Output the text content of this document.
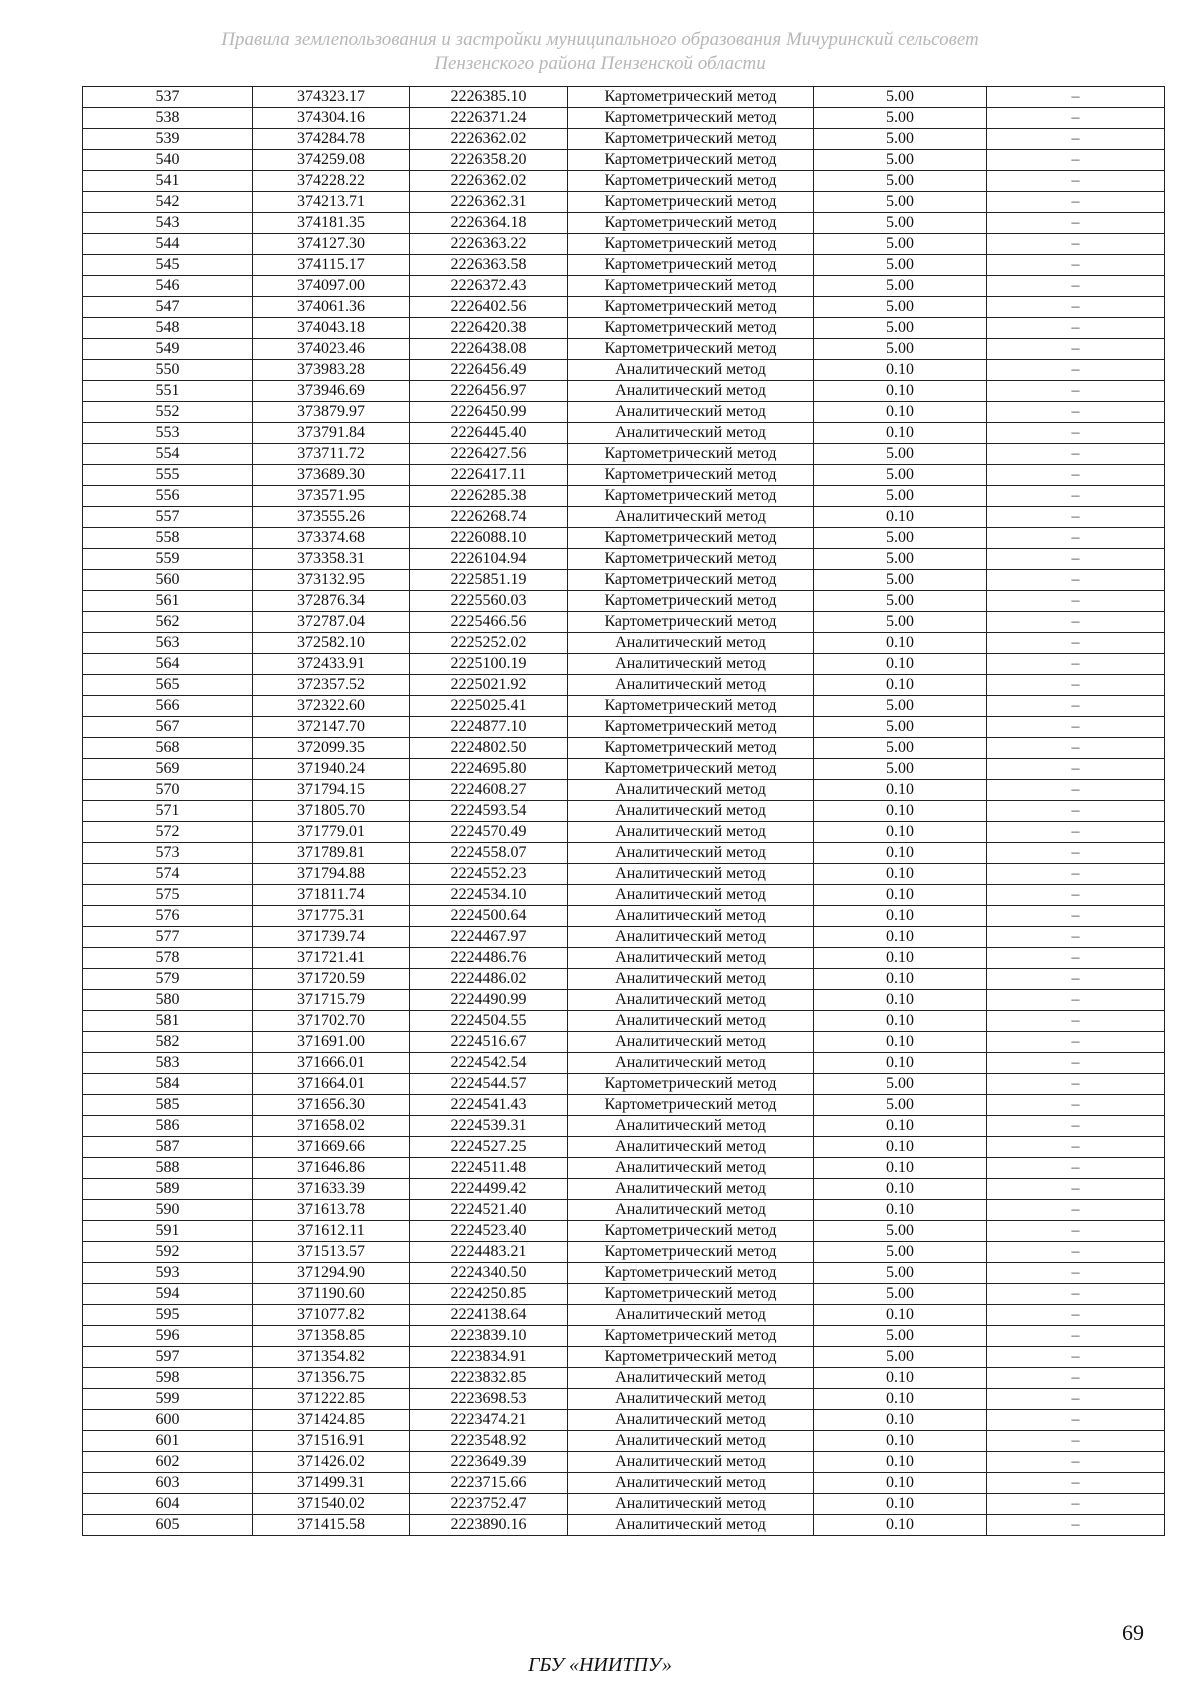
Правила землепользования и застройки муниципального образования Мичуринский сельсовет
Пензенского района Пензенской области
537	374323.17	2226385.10	Картометрический метод	5.00	–
538	374304.16	2226371.24	Картометрический метод	5.00	–
539	374284.78	2226362.02	Картометрический метод	5.00	–
540	374259.08	2226358.20	Картометрический метод	5.00	–
541	374228.22	2226362.02	Картометрический метод	5.00	–
542	374213.71	2226362.31	Картометрический метод	5.00	–
543	374181.35	2226364.18	Картометрический метод	5.00	–
544	374127.30	2226363.22	Картометрический метод	5.00	–
545	374115.17	2226363.58	Картометрический метод	5.00	–
546	374097.00	2226372.43	Картометрический метод	5.00	–
547	374061.36	2226402.56	Картометрический метод	5.00	–
548	374043.18	2226420.38	Картометрический метод	5.00	–
549	374023.46	2226438.08	Картометрический метод	5.00	–
550	373983.28	2226456.49	Аналитический метод	0.10	–
551	373946.69	2226456.97	Аналитический метод	0.10	–
552	373879.97	2226450.99	Аналитический метод	0.10	–
553	373791.84	2226445.40	Аналитический метод	0.10	–
554	373711.72	2226427.56	Картометрический метод	5.00	–
555	373689.30	2226417.11	Картометрический метод	5.00	–
556	373571.95	2226285.38	Картометрический метод	5.00	–
557	373555.26	2226268.74	Аналитический метод	0.10	–
558	373374.68	2226088.10	Картометрический метод	5.00	–
559	373358.31	2226104.94	Картометрический метод	5.00	–
560	373132.95	2225851.19	Картометрический метод	5.00	–
561	372876.34	2225560.03	Картометрический метод	5.00	–
562	372787.04	2225466.56	Картометрический метод	5.00	–
563	372582.10	2225252.02	Аналитический метод	0.10	–
564	372433.91	2225100.19	Аналитический метод	0.10	–
565	372357.52	2225021.92	Аналитический метод	0.10	–
566	372322.60	2225025.41	Картометрический метод	5.00	–
567	372147.70	2224877.10	Картометрический метод	5.00	–
568	372099.35	2224802.50	Картометрический метод	5.00	–
569	371940.24	2224695.80	Картометрический метод	5.00	–
570	371794.15	2224608.27	Аналитический метод	0.10	–
571	371805.70	2224593.54	Аналитический метод	0.10	–
572	371779.01	2224570.49	Аналитический метод	0.10	–
573	371789.81	2224558.07	Аналитический метод	0.10	–
574	371794.88	2224552.23	Аналитический метод	0.10	–
575	371811.74	2224534.10	Аналитический метод	0.10	–
576	371775.31	2224500.64	Аналитический метод	0.10	–
577	371739.74	2224467.97	Аналитический метод	0.10	–
578	371721.41	2224486.76	Аналитический метод	0.10	–
579	371720.59	2224486.02	Аналитический метод	0.10	–
580	371715.79	2224490.99	Аналитический метод	0.10	–
581	371702.70	2224504.55	Аналитический метод	0.10	–
582	371691.00	2224516.67	Аналитический метод	0.10	–
583	371666.01	2224542.54	Аналитический метод	0.10	–
584	371664.01	2224544.57	Картометрический метод	5.00	–
585	371656.30	2224541.43	Картометрический метод	5.00	–
586	371658.02	2224539.31	Аналитический метод	0.10	–
587	371669.66	2224527.25	Аналитический метод	0.10	–
588	371646.86	2224511.48	Аналитический метод	0.10	–
589	371633.39	2224499.42	Аналитический метод	0.10	–
590	371613.78	2224521.40	Аналитический метод	0.10	–
591	371612.11	2224523.40	Картометрический метод	5.00	–
592	371513.57	2224483.21	Картометрический метод	5.00	–
593	371294.90	2224340.50	Картометрический метод	5.00	–
594	371190.60	2224250.85	Картометрический метод	5.00	–
595	371077.82	2224138.64	Аналитический метод	0.10	–
596	371358.85	2223839.10	Картометрический метод	5.00	–
597	371354.82	2223834.91	Картометрический метод	5.00	–
598	371356.75	2223832.85	Аналитический метод	0.10	–
599	371222.85	2223698.53	Аналитический метод	0.10	–
600	371424.85	2223474.21	Аналитический метод	0.10	–
601	371516.91	2223548.92	Аналитический метод	0.10	–
602	371426.02	2223649.39	Аналитический метод	0.10	–
603	371499.31	2223715.66	Аналитический метод	0.10	–
604	371540.02	2223752.47	Аналитический метод	0.10	–
605	371415.58	2223890.16	Аналитический метод	0.10	–
69
ГБУ «НИИТПУ»
